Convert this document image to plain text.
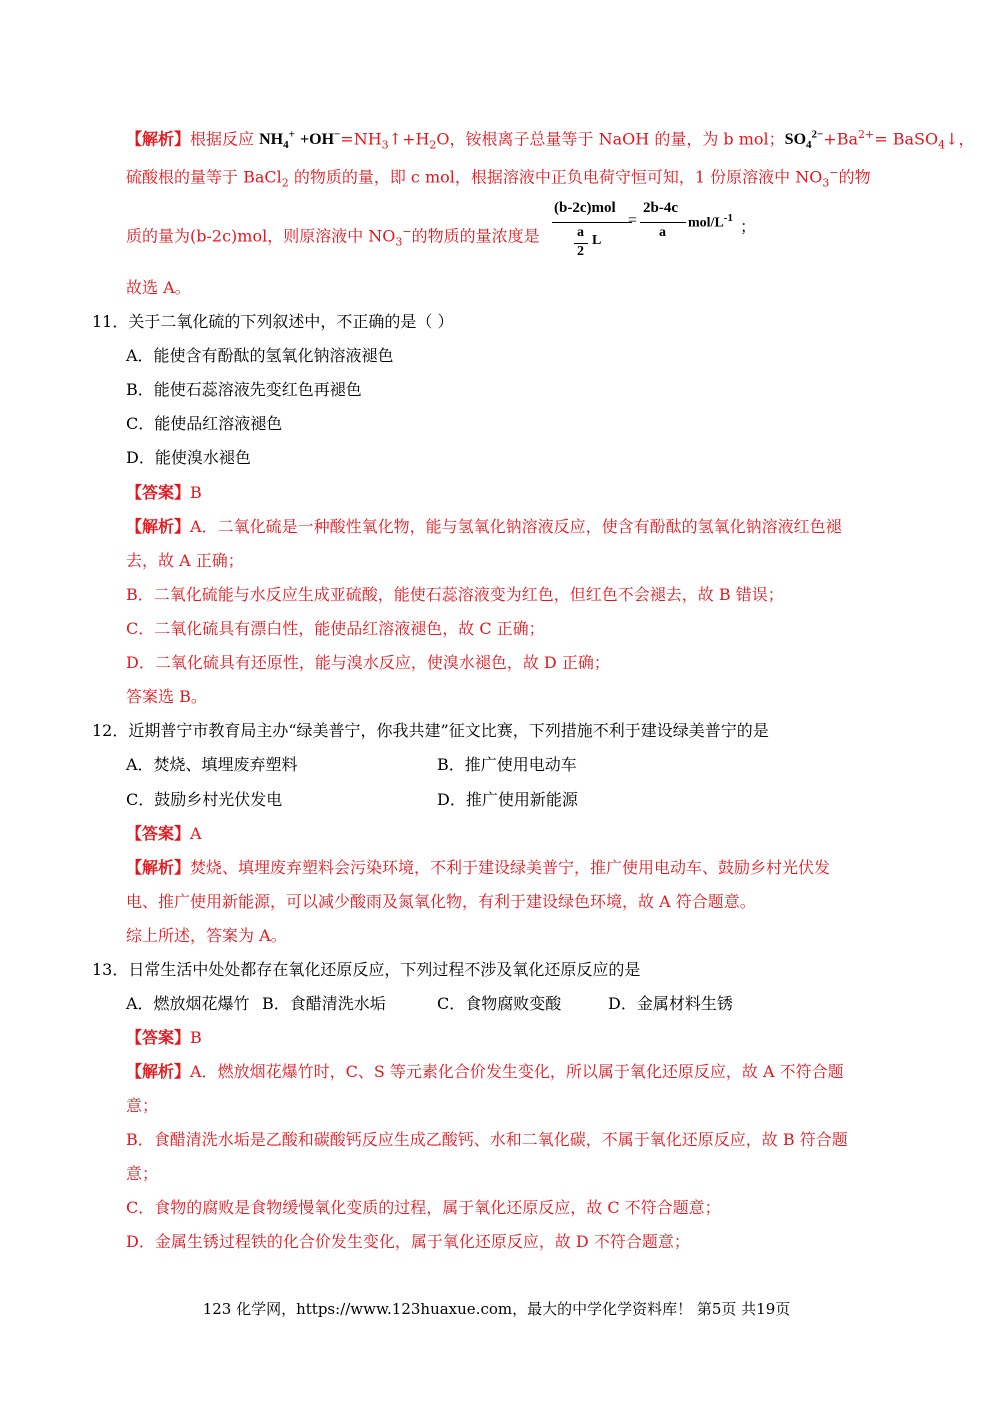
【解析】根据反应 $NH_4^+$ $+OH^-=NH_3↑+H_2O$，铵根离子总量等于 NaOH 的量，为 b mol；$SO_4^{2-}+Ba^{2+}=$ BaSO$_4$↓，
硫酸根的量等于 BaCl$_2$ 的物质的量，即 c mol，根据溶液中正负电荷守恒可知，1 份原溶液中 $NO_3^-$的物
质的量为(b-2c)mol，则原溶液中 $NO_3^-$的物质的量浓度是
(b-2c)mol
a
2
L
=
2b-4c
a
mol/$L^{-1}$
；
故选 A。
11．关于二氧化硫的下列叙述中，不正确的是（ ）
A．能使含有酚酞的氢氧化钠溶液褪色
B．能使石蕊溶液先变红色再褪色
C．能使品红溶液褪色
D．能使溴水褪色
【答案】B
【解析】A．二氧化硫是一种酸性氧化物，能与氢氧化钠溶液反应，使含有酚酞的氢氧化钠溶液红色褪
去，故 A 正确；
B．二氧化硫能与水反应生成亚硫酸，能使石蕊溶液变为红色，但红色不会褪去，故 B 错误；
C．二氧化硫具有漂白性，能使品红溶液褪色，故 C 正确；
D．二氧化硫具有还原性，能与溴水反应，使溴水褪色，故 D 正确；
答案选 B。
12．近期普宁市教育局主办“绿美普宁，你我共建”征文比赛，下列措施不利于建设绿美普宁的是
A．焚烧、填埋废弃塑料	B．推广使用电动车
C．鼓励乡村光伏发电	D．推广使用新能源
【答案】A
【解析】焚烧、填埋废弃塑料会污染环境，不利于建设绿美普宁，推广使用电动车、鼓励乡村光伏发
电、推广使用新能源，可以减少酸雨及氮氧化物，有利于建设绿色环境，故 A 符合题意。
综上所述，答案为 A。
13．日常生活中处处都存在氧化还原反应，下列过程不涉及氧化还原反应的是
A．燃放烟花爆竹 B．食醋清洗水垢	C．食物腐败变酸	D．金属材料生锈
【答案】B
【解析】A．燃放烟花爆竹时，C、S 等元素化合价发生变化，所以属于氧化还原反应，故 A 不符合题
意；
B．食醋清洗水垢是乙酸和碳酸钙反应生成乙酸钙、水和二氧化碳，不属于氧化还原反应，故 B 符合题
意；
C．食物的腐败是食物缓慢氧化变质的过程，属于氧化还原反应，故 C 不符合题意；
D．金属生锈过程铁的化合价发生变化，属于氧化还原反应，故 D 不符合题意；
123 化学网，https://www.123huaxue.com，最大的中学化学资料库！ 第5页 共19页
